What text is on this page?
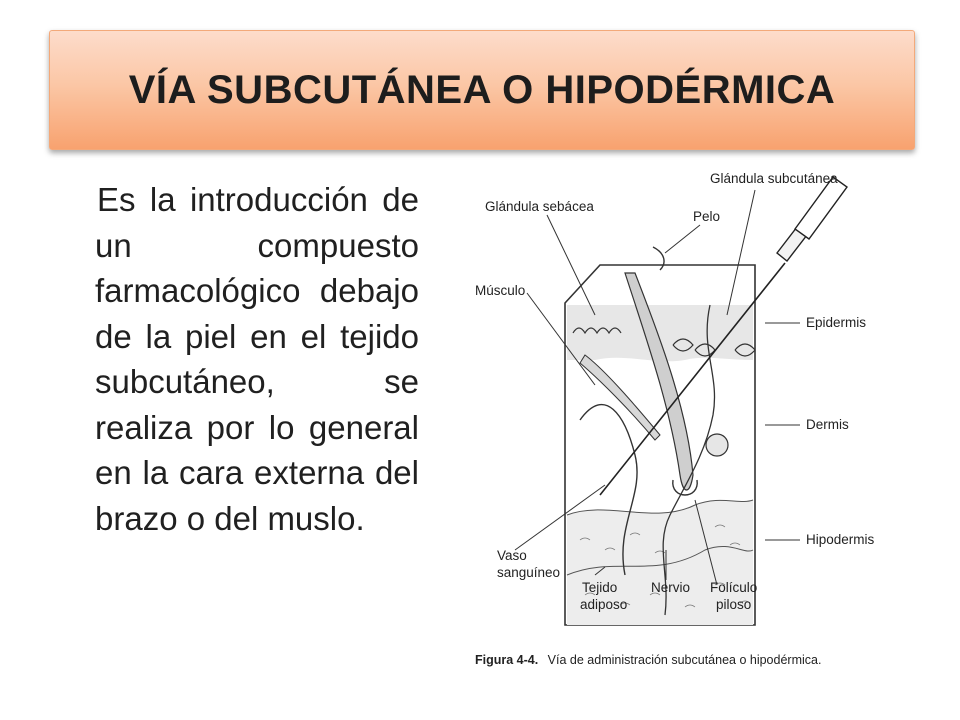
VÍA SUBCUTÁNEA O HIPODÉRMICA
Es la introducción de un compuesto farmacológico debajo de la piel en el tejido subcutáneo, se realiza por lo general en la cara externa del brazo o del muslo.
Glándula subcutánea
Glándula sebácea
Pelo
Músculo
Epidermis
Dermis
Hipodermis
Vaso
sanguíneo
Tejido
adiposo
Nervio Folículo
piloso
Figura 4-4. Vía de administración subcutánea o hipodérmica.
